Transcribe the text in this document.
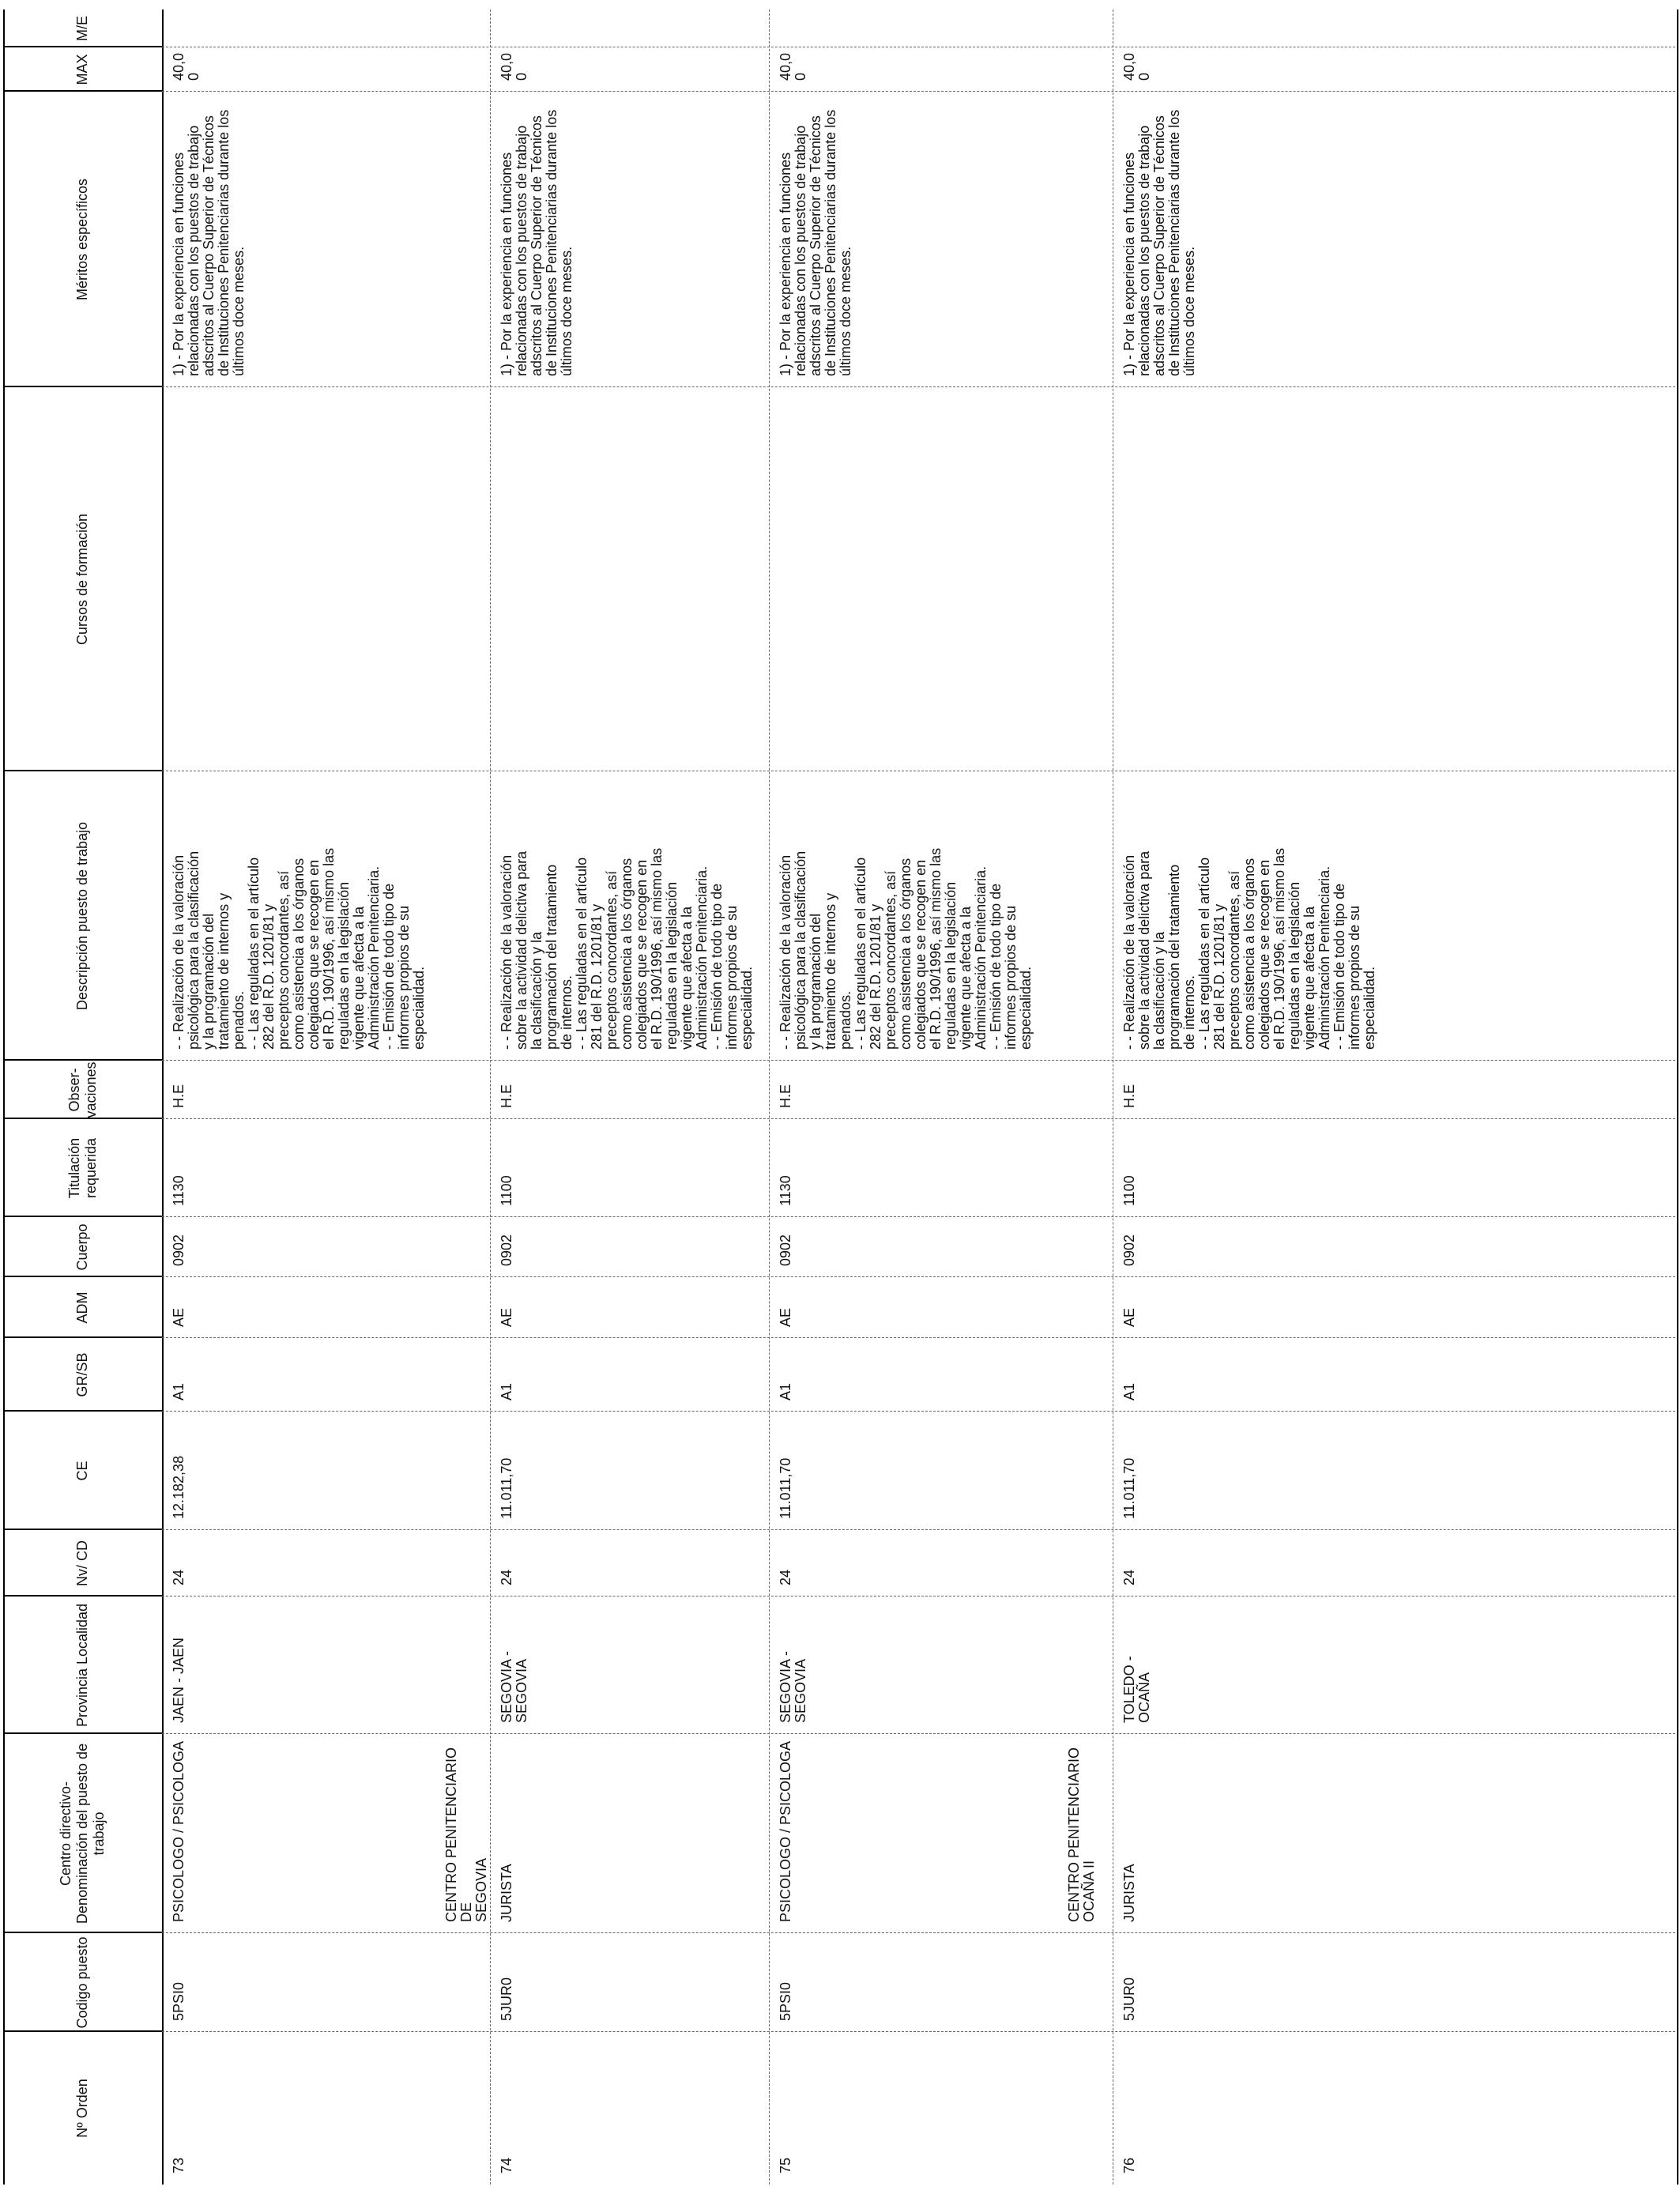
Nº Orden
Codigo puesto
Centro directivo-
Denominación del puesto de trabajo
Provincia Localidad
Nv/ CD
CE
GR/SB
ADM
Cuerpo
Titulación requerida
Obser- vaciones
Descripción puesto de trabajo
Cursos de formación
Méritos específicos
MAX
M/E
73
5PSI0
JAEN - JAEN
24
12.182,38
A1
AE
0902
1130
H.E
- - Realización de la valoración
psicológica para la clasificación
y la programación del
tratamiento de internos y
penados.
- - Las reguladas en el artículo
282 del R.D. 1201/81 y
preceptos concordantes, así
como asistencia a los órganos
colegiados que se recogen en
el R.D. 190/1996, así mismo las
reguladas en la legislación
vigente que afecta a la
Administración Penitenciaria.
- - Emisión de todo tipo de
informes propios de su
especialidad.
1) - Por la experiencia en funciones
relacionadas con los puestos de trabajo
adscritos al Cuerpo Superior de Técnicos
de Instituciones Penitenciarias durante los
últimos doce meses.
PSICOLOGO / PSICOLOGA
40,0
0
74
5JUR0
SEGOVIA -
SEGOVIA
24
11.011,70
A1
AE
0902
1100
H.E
- - Realización de la valoración
sobre la actividad delictiva para
la clasificación y la
programación del tratamiento
de internos.
- - Las reguladas en el artículo
281 del R.D. 1201/81 y
preceptos concordantes, así
como asistencia a los órganos
colegiados que se recogen en
el R.D. 190/1996, así mismo las
reguladas en la legislación
vigente que afecta a la
Administración Penitenciaria.
- - Emisión de todo tipo de
informes propios de su
especialidad.
1) - Por la experiencia en funciones
relacionadas con los puestos de trabajo
adscritos al Cuerpo Superior de Técnicos
de Instituciones Penitenciarias durante los
últimos doce meses.
CENTRO PENITENCIARIO DE
SEGOVIA JURISTA
40,0
0
75
5PSI0
SEGOVIA -
SEGOVIA
24
11.011,70
A1
AE
0902
1130
H.E
- - Realización de la valoración
psicológica para la clasificación
y la programación del
tratamiento de internos y
penados.
- - Las reguladas en el artículo
282 del R.D. 1201/81 y
preceptos concordantes, así
como asistencia a los órganos
colegiados que se recogen en
el R.D. 190/1996, así mismo las
reguladas en la legislación
vigente que afecta a la
Administración Penitenciaria.
- - Emisión de todo tipo de
informes propios de su
especialidad.
1) - Por la experiencia en funciones
relacionadas con los puestos de trabajo
adscritos al Cuerpo Superior de Técnicos
de Instituciones Penitenciarias durante los
últimos doce meses.
PSICOLOGO / PSICOLOGA
40,0
0
76
5JUR0
TOLEDO -
OCAÑA
24
11.011,70
A1
AE
0902
1100
H.E
- - Realización de la valoración
sobre la actividad delictiva para
la clasificación y la
programación del tratamiento
de internos.
- - Las reguladas en el artículo
281 del R.D. 1201/81 y
preceptos concordantes, así
como asistencia a los órganos
colegiados que se recogen en
el R.D. 190/1996, así mismo las
reguladas en la legislación
vigente que afecta a la
Administración Penitenciaria.
- - Emisión de todo tipo de
informes propios de su
especialidad.
1) - Por la experiencia en funciones
relacionadas con los puestos de trabajo
adscritos al Cuerpo Superior de Técnicos
de Instituciones Penitenciarias durante los
últimos doce meses.
CENTRO PENITENCIARIO
OCAÑA II JURISTA
40,0
0
